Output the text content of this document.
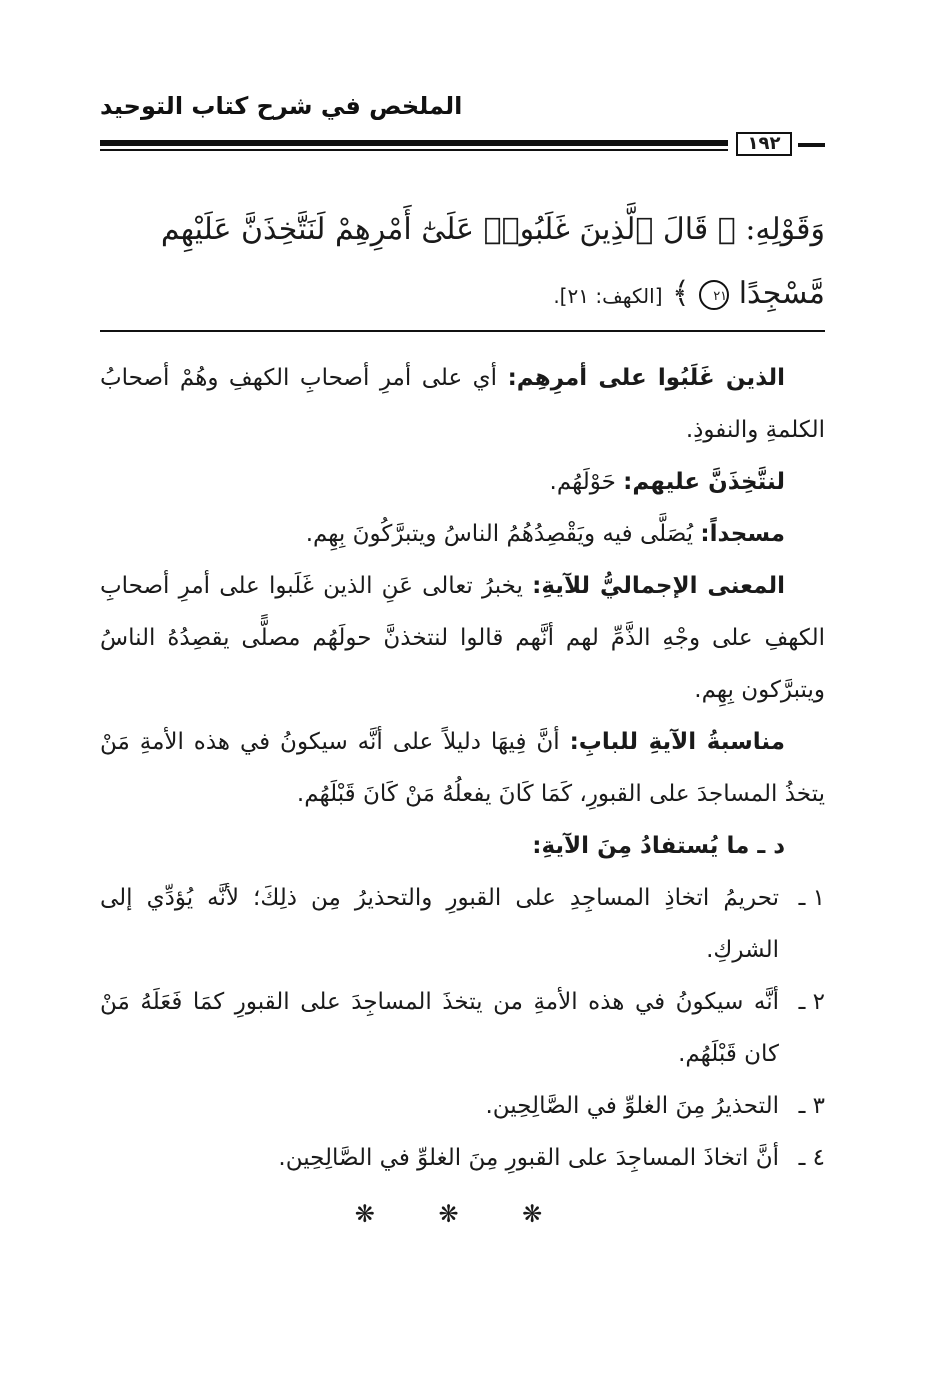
الملخص في شرح كتاب التوحيد
١٩٢
وَقَوْلِهِ: ﴿ قَالَ ٱلَّذِينَ غَلَبُوا۟ عَلَىٰٓ أَمْرِهِمْ لَنَتَّخِذَنَّ عَلَيْهِم
مَّسْجِدًا ٢١ ﴾ [الكهف: ٢١].

الذين غَلَبُوا على أمرِهِم: أي على أمرِ أصحابِ الكهفِ وهُمْ أصحابُ الكلمةِ والنفوذِ.

لنتَّخِذَنَّ عليهم: حَوْلَهُم.

مسجداً: يُصَلَّى فيه ويَقْصِدُهُمُ الناسُ ويتبرَّكُونَ بِهِم.

المعنى الإجماليُّ للآيةِ: يخبرُ تعالى عَنِ الذين غَلَبوا على أمرِ أصحابِ الكهفِ على وجْهِ الذَّمِّ لهم أنَّهم قالوا لنتخذنَّ حولَهُم مصلًّى يقصِدُهُ الناسُ ويتبرَّكون بِهِم.

مناسبةُ الآيةِ للبابِ: أنَّ فِيهَا دليلاً على أنَّه سيكونُ في هذه الأمةِ مَنْ يتخذُ المساجدَ على القبورِ، كَمَا كَانَ يفعلُهُ مَنْ كَانَ قَبْلَهُم.

د ـ ما يُستفادُ مِنَ الآيةِ:

١ ـتحريمُ اتخاذِ المساجِدِ على القبورِ والتحذيرُ مِن ذلِكَ؛ لأنَّه يُؤدِّي إلى الشركِ.

٢ ـأنَّه سيكونُ في هذه الأمةِ من يتخذَ المساجِدَ على القبورِ كمَا فَعَلَهُ مَنْ كان قَبْلَهُم.

٣ ـالتحذيرُ مِنَ الغلوِّ في الصَّالِحِين.

٤ ـأنَّ اتخاذَ المساجِدَ على القبورِ مِنَ الغلوِّ في الصَّالِحِين.

❋ ❋ ❋
